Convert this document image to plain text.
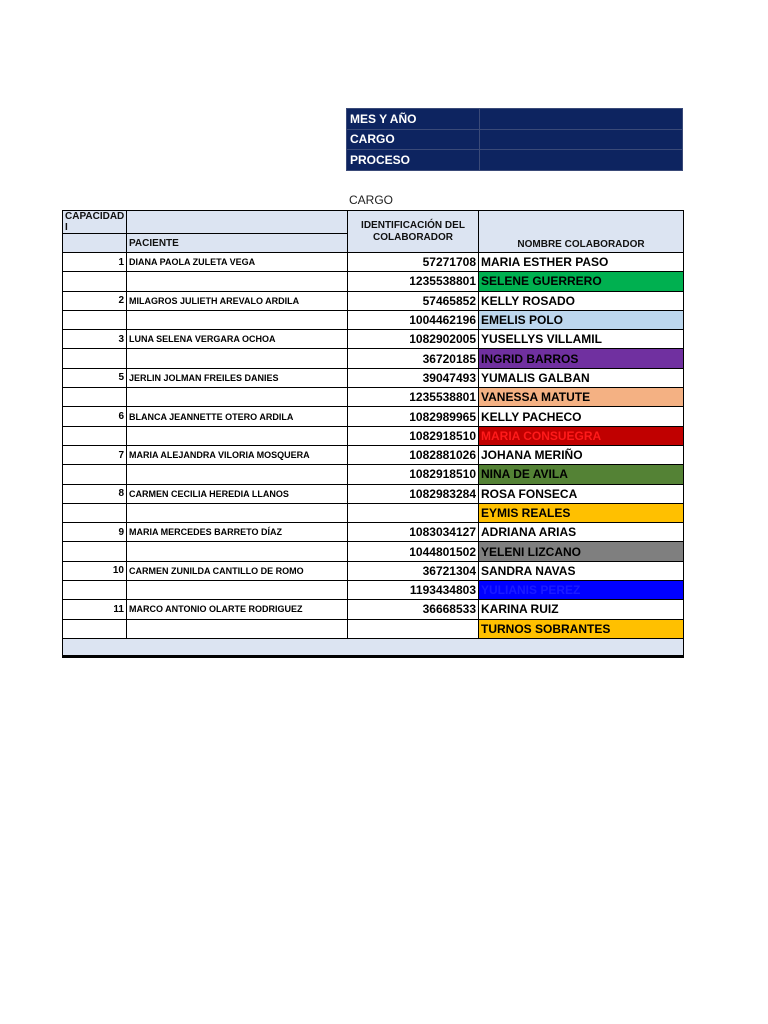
MES Y AÑO	
CARGO	
PROCESO	
CARGO
CAPACIDAD I		IDENTIFICACIÓN DEL COLABORADOR	NOMBRE COLABORADOR
	PACIENTE		
1	DIANA PAOLA ZULETA VEGA	57271708	MARIA ESTHER PASO
		1235538801	SELENE GUERRERO
2	MILAGROS JULIETH AREVALO ARDILA	57465852	KELLY ROSADO
		1004462196	EMELIS POLO
3	LUNA SELENA VERGARA OCHOA	1082902005	YUSELLYS VILLAMIL
		36720185	INGRID BARROS
5	JERLIN JOLMAN FREILES DANIES	39047493	YUMALIS GALBAN
		1235538801	VANESSA MATUTE
6	BLANCA JEANNETTE OTERO ARDILA	1082989965	KELLY PACHECO
		1082918510	MARIA CONSUEGRA
7	MARIA ALEJANDRA VILORIA MOSQUERA	1082881026	JOHANA MERIÑO
		1082918510	NINA DE AVILA
8	CARMEN CECILIA HEREDIA LLANOS	1082983284	ROSA FONSECA
			EYMIS REALES
9	MARIA MERCEDES BARRETO DÍAZ	1083034127	ADRIANA ARIAS
		1044801502	YELENI LIZCANO
10	CARMEN ZUNILDA CANTILLO DE ROMO	36721304	SANDRA NAVAS
		1193434803	YULIANIS PEREZ
11	MARCO ANTONIO OLARTE RODRIGUEZ	36668533	KARINA RUIZ
			TURNOS SOBRANTES
